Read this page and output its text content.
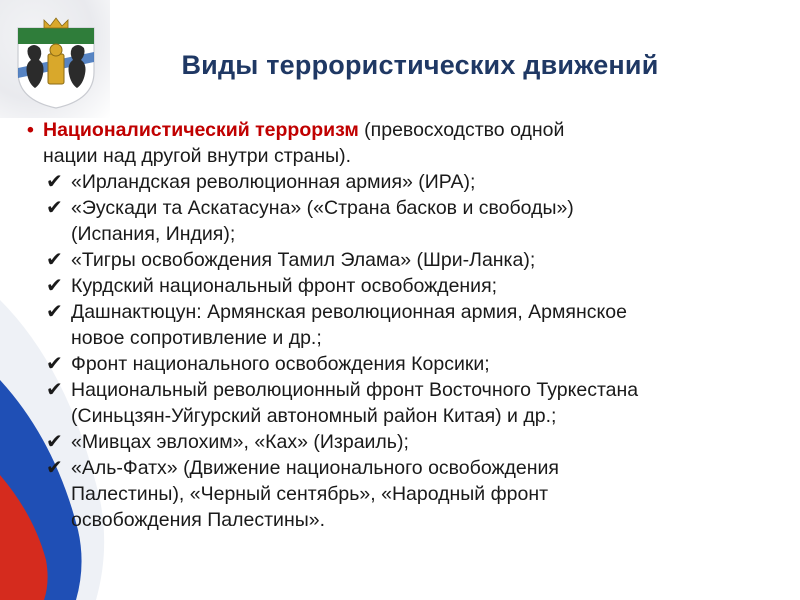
Виды террористических движений
• Националистический терроризм (превосходство одной
нации над другой внутри страны).
✔ «Ирландская революционная армия» (ИРА);
✔ «Эускади та Аскатасуна» («Страна басков и свободы»)
(Испания, Индия);
✔ «Тигры освобождения Тамил Элама» (Шри-Ланка);
✔ Курдский национальный фронт освобождения;
✔ Дашнактюцун: Армянская революционная армия, Армянское
новое сопротивление и др.;
✔ Фронт национального освобождения Корсики;
✔ Национальный революционный фронт Восточного Туркестана
(Синьцзян-Уйгурский автономный район Китая) и др.;
✔ «Мивцах эвлохим», «Ках» (Израиль);
✔ «Аль-Фатх» (Движение национального освобождения
Палестины), «Черный сентябрь», «Народный фронт
освобождения Палестины».
